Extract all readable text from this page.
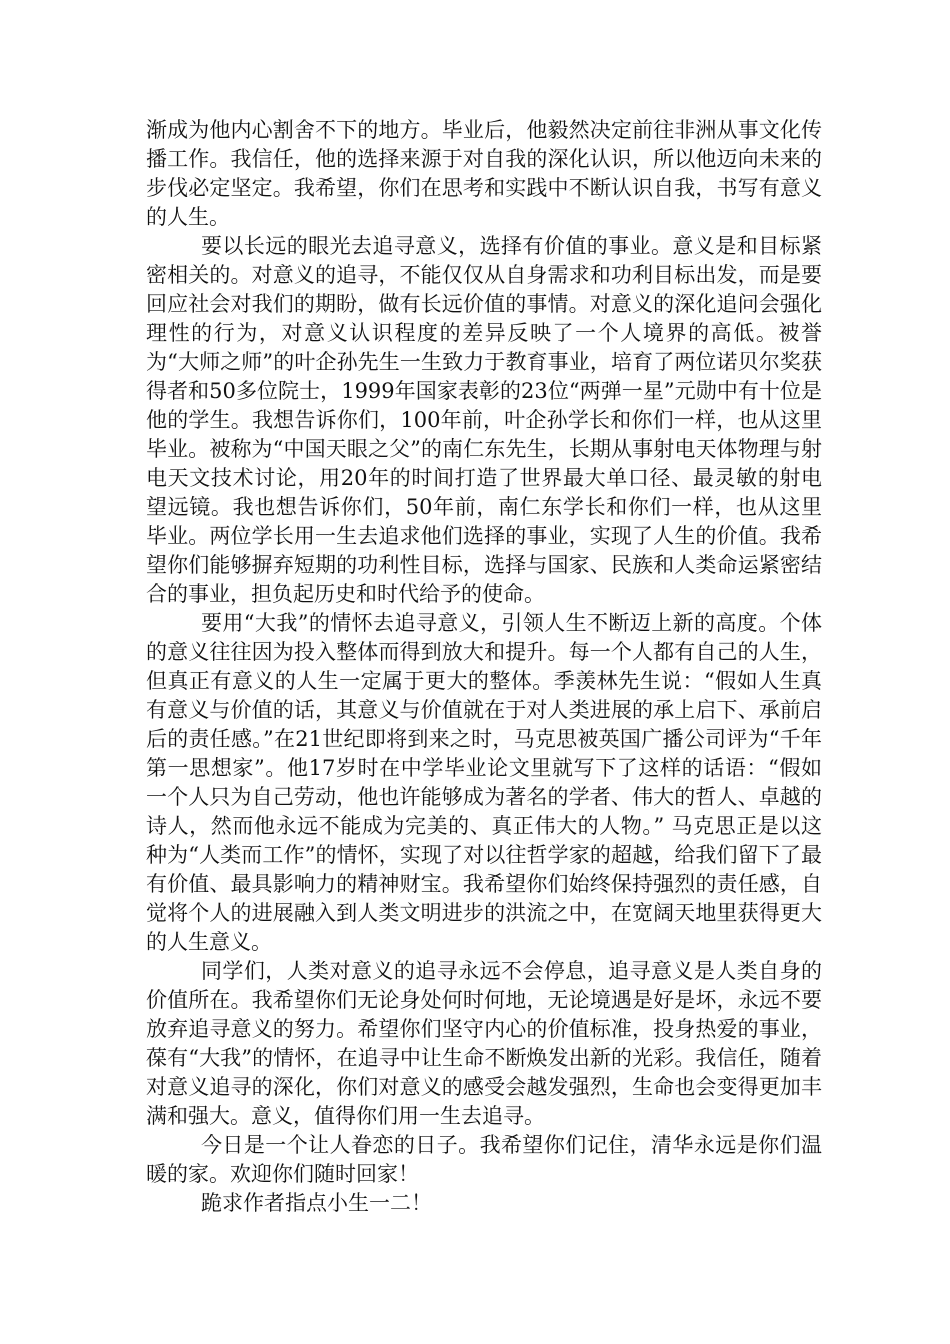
渐成为他内心割舍不下的地方。毕业后，他毅然决定前往非洲从事文化传播工作。我信任，他的选择来源于对自我的深化认识，所以他迈向未来的步伐必定坚定。我希望，你们在思考和实践中不断认识自我，书写有意义的人生。

要以长远的眼光去追寻意义，选择有价值的事业。意义是和目标紧密相关的。对意义的追寻，不能仅仅从自身需求和功利目标出发，而是要回应社会对我们的期盼，做有长远价值的事情。对意义的深化追问会强化理性的行为，对意义认识程度的差异反映了一个人境界的高低。被誉为“大师之师”的叶企孙先生一生致力于教育事业，培育了两位诺贝尔奖获得者和50多位院士，1999年国家表彰的23位“两弹一星”元勋中有十位是他的学生。我想告诉你们，100年前，叶企孙学长和你们一样，也从这里毕业。被称为“中国天眼之父”的南仁东先生，长期从事射电天体物理与射电天文技术讨论，用20年的时间打造了世界最大单口径、最灵敏的射电望远镜。我也想告诉你们，50年前，南仁东学长和你们一样，也从这里毕业。两位学长用一生去追求他们选择的事业，实现了人生的价值。我希望你们能够摒弃短期的功利性目标，选择与国家、民族和人类命运紧密结合的事业，担负起历史和时代给予的使命。

要用“大我”的情怀去追寻意义，引领人生不断迈上新的高度。个体的意义往往因为投入整体而得到放大和提升。每一个人都有自己的人生，但真正有意义的人生一定属于更大的整体。季羡林先生说：“假如人生真有意义与价值的话，其意义与价值就在于对人类进展的承上启下、承前启后的责任感。”在21世纪即将到来之时，马克思被英国广播公司评为“千年第一思想家”。他17岁时在中学毕业论文里就写下了这样的话语：“假如一个人只为自己劳动，他也许能够成为著名的学者、伟大的哲人、卓越的诗人，然而他永远不能成为完美的、真正伟大的人物。” 马克思正是以这种为“人类而工作”的情怀，实现了对以往哲学家的超越，给我们留下了最有价值、最具影响力的精神财宝。我希望你们始终保持强烈的责任感，自觉将个人的进展融入到人类文明进步的洪流之中，在宽阔天地里获得更大的人生意义。

同学们，人类对意义的追寻永远不会停息，追寻意义是人类自身的价值所在。我希望你们无论身处何时何地，无论境遇是好是坏，永远不要放弃追寻意义的努力。希望你们坚守内心的价值标准，投身热爱的事业，葆有“大我”的情怀，在追寻中让生命不断焕发出新的光彩。我信任，随着对意义追寻的深化，你们对意义的感受会越发强烈，生命也会变得更加丰满和强大。意义，值得你们用一生去追寻。

今日是一个让人眷恋的日子。我希望你们记住，清华永远是你们温暖的家。欢迎你们随时回家！

跪求作者指点小生一二！
